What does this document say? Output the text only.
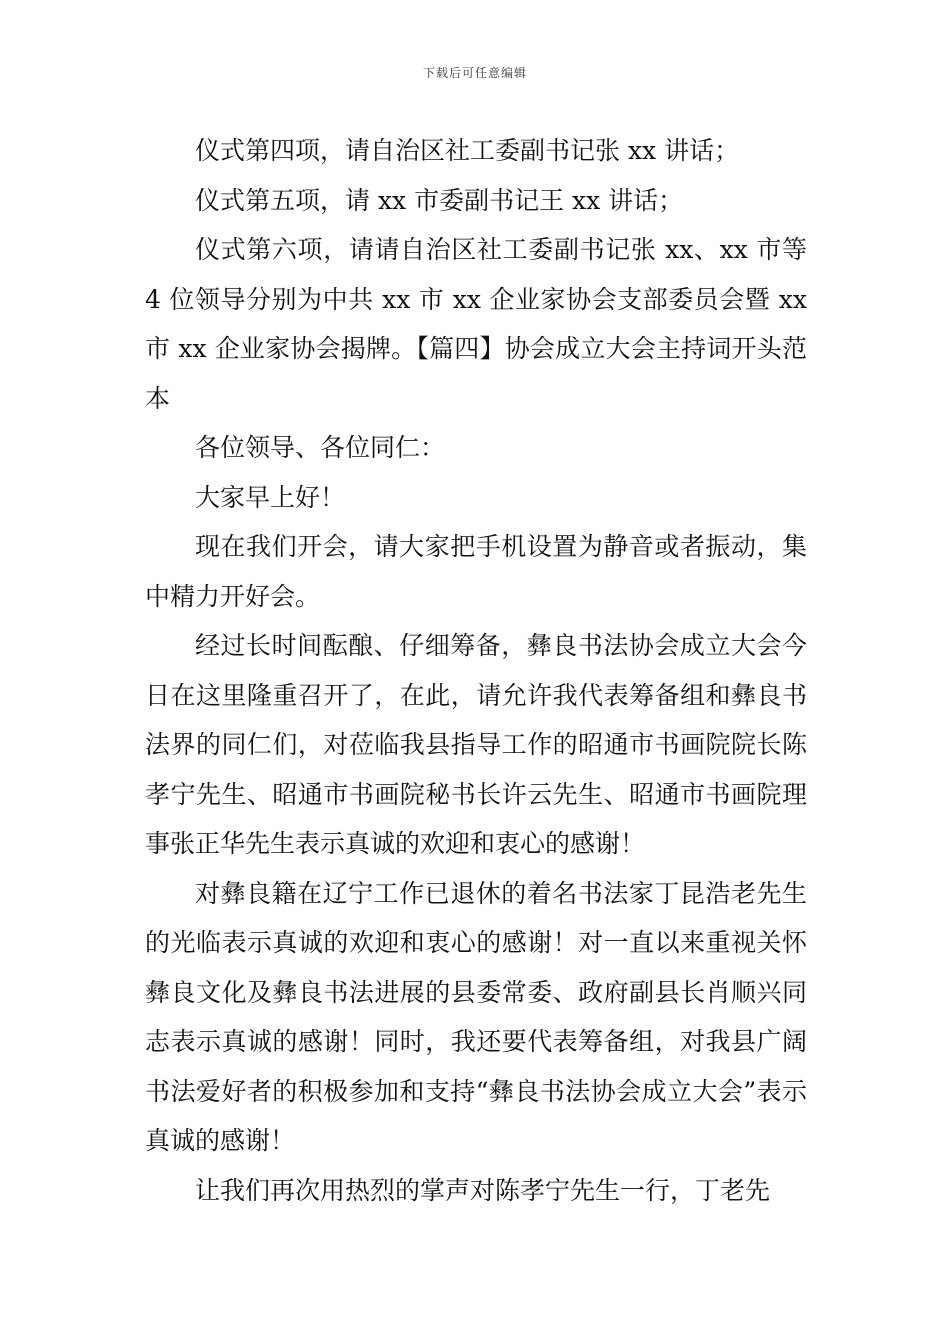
下载后可任意编辑

仪式第四项，请自治区社工委副书记张 xx 讲话；

仪式第五项，请 xx 市委副书记王 xx 讲话；

仪式第六项，请请自治区社工委副书记张 xx、xx 市等 4 位领导分别为中共 xx 市 xx 企业家协会支部委员会暨 xx 市 xx 企业家协会揭牌。【篇四】协会成立大会主持词开头范本

各位领导、各位同仁：

大家早上好！

现在我们开会，请大家把手机设置为静音或者振动，集中精力开好会。

经过长时间酝酿、仔细筹备，彝良书法协会成立大会今日在这里隆重召开了，在此，请允许我代表筹备组和彝良书法界的同仁们，对莅临我县指导工作的昭通市书画院院长陈孝宁先生、昭通市书画院秘书长许云先生、昭通市书画院理事张正华先生表示真诚的欢迎和衷心的感谢！

对彝良籍在辽宁工作已退休的着名书法家丁昆浩老先生的光临表示真诚的欢迎和衷心的感谢！对一直以来重视关怀彝良文化及彝良书法进展的县委常委、政府副县长肖顺兴同志表示真诚的感谢！同时，我还要代表筹备组，对我县广阔书法爱好者的积极参加和支持“彝良书法协会成立大会”表示真诚的感谢！

让我们再次用热烈的掌声对陈孝宁先生一行，丁老先
